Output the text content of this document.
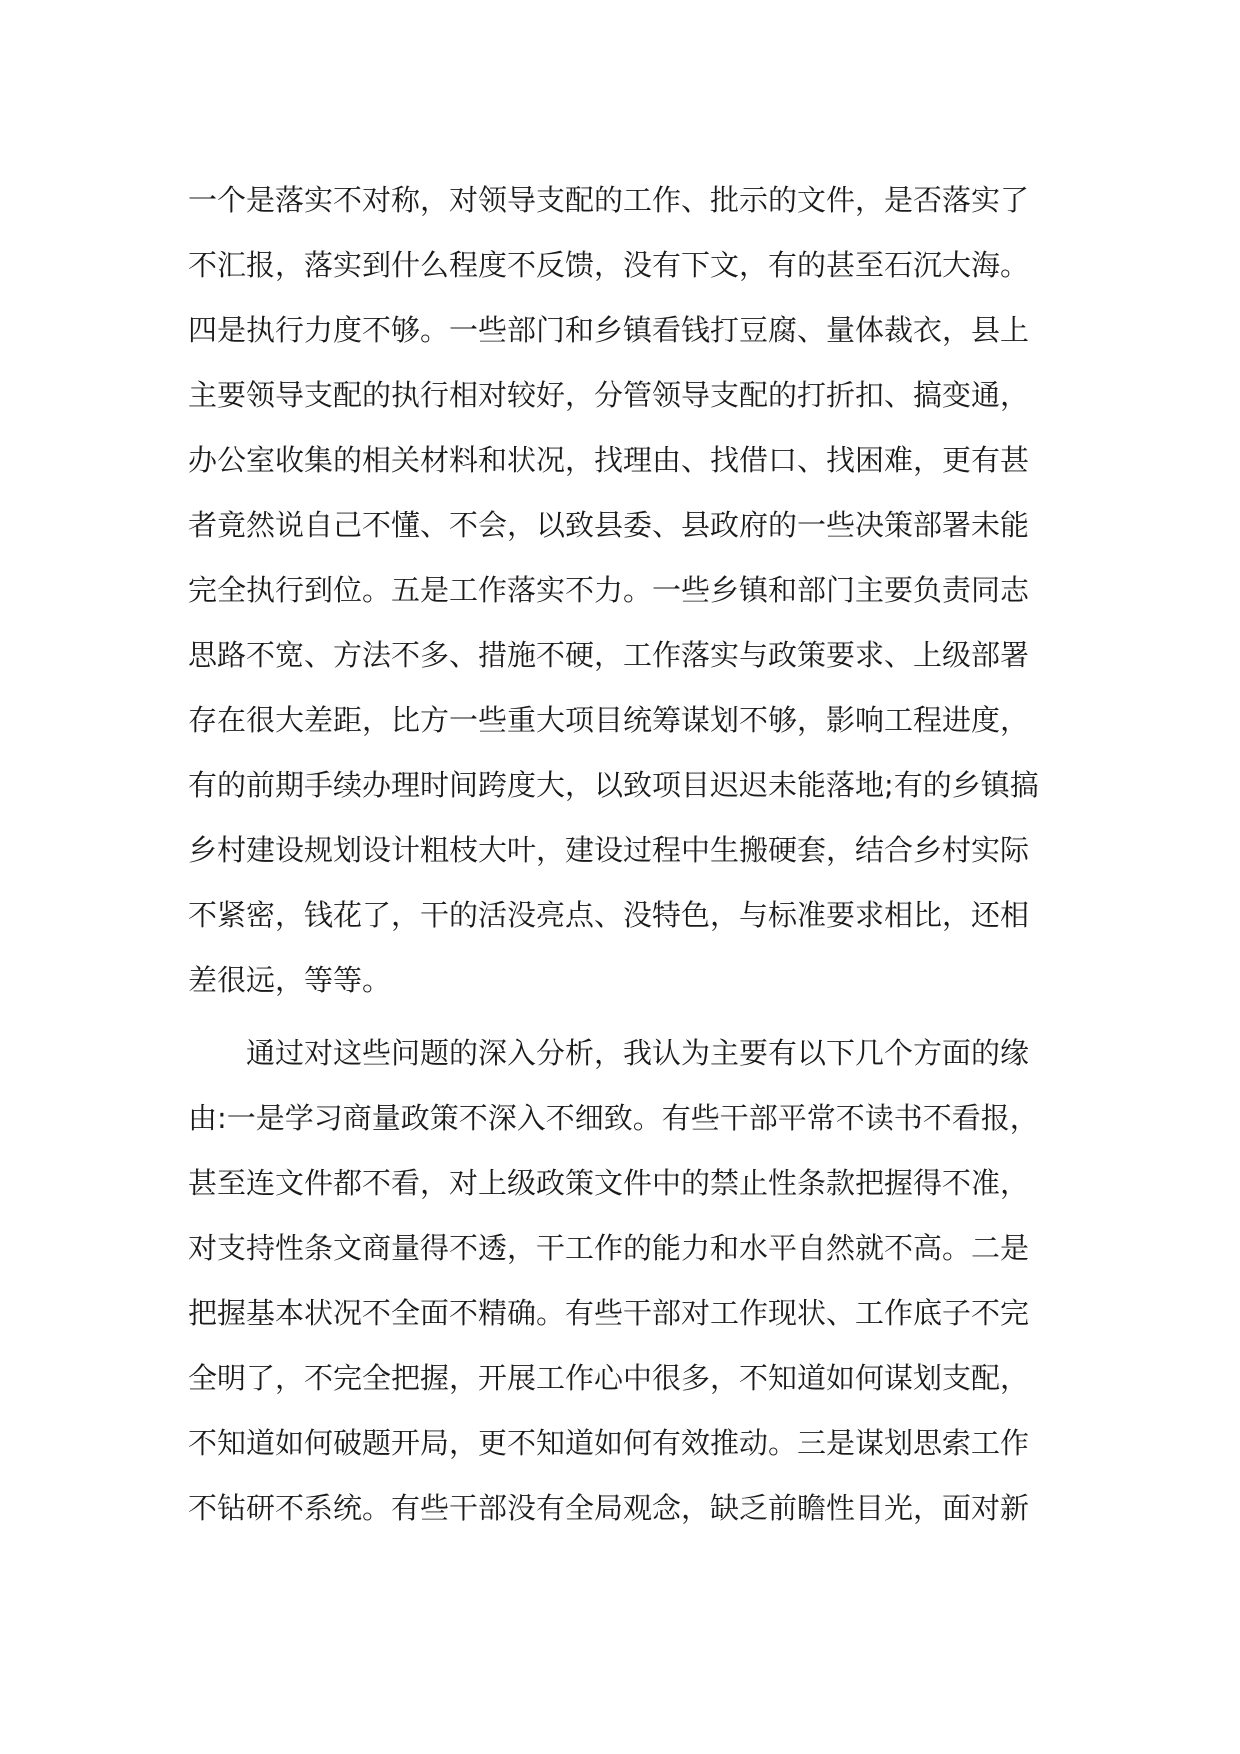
一个是落实不对称，对领导支配的工作、批示的文件，是否落实了
不汇报，落实到什么程度不反馈，没有下文，有的甚至石沉大海。
四是执行力度不够。一些部门和乡镇看钱打豆腐、量体裁衣，县上
主要领导支配的执行相对较好，分管领导支配的打折扣、搞变通，
办公室收集的相关材料和状况，找理由、找借口、找困难，更有甚
者竟然说自己不懂、不会，以致县委、县政府的一些决策部署未能
完全执行到位。五是工作落实不力。一些乡镇和部门主要负责同志
思路不宽、方法不多、措施不硬，工作落实与政策要求、上级部署
存在很大差距，比方一些重大项目统筹谋划不够，影响工程进度，
有的前期手续办理时间跨度大，以致项目迟迟未能落地;有的乡镇搞
乡村建设规划设计粗枝大叶，建设过程中生搬硬套，结合乡村实际
不紧密，钱花了，干的活没亮点、没特色，与标准要求相比，还相
差很远，等等。
通过对这些问题的深入分析，我认为主要有以下几个方面的缘
由:一是学习商量政策不深入不细致。有些干部平常不读书不看报，
甚至连文件都不看，对上级政策文件中的禁止性条款把握得不准，
对支持性条文商量得不透，干工作的能力和水平自然就不高。二是
把握基本状况不全面不精确。有些干部对工作现状、工作底子不完
全明了，不完全把握，开展工作心中很多，不知道如何谋划支配，
不知道如何破题开局，更不知道如何有效推动。三是谋划思索工作
不钻研不系统。有些干部没有全局观念，缺乏前瞻性目光，面对新
